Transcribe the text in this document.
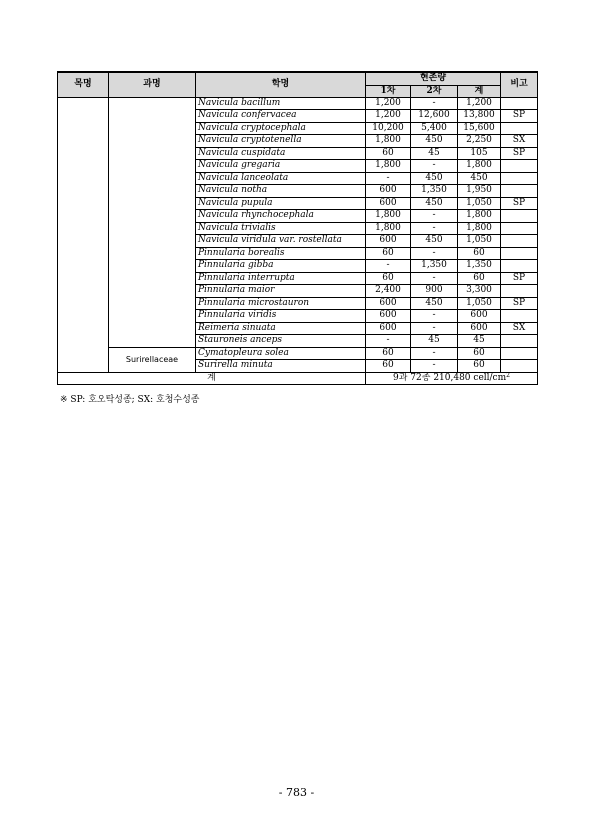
목명	과명	학명	현존량			비고
			1차	2차	계	
		Navicula bacillum	1,200	-	1,200	
		Navicula confervacea	1,200	12,600	13,800	SP
		Navicula cryptocephala	10,200	5,400	15,600	
		Navicula cryptotenella	1,800	450	2,250	SX
		Navicula cuspidata	60	45	105	SP
		Navicula gregaria	1,800	-	1,800	
		Navicula lanceolata	-	450	450	
		Navicula notha	600	1,350	1,950	
		Navicula pupula	600	450	1,050	SP
		Navicula rhynchocephala	1,800	-	1,800	
		Navicula trivialis	1,800	-	1,800	
		Navicula viridula var. rostellata	600	450	1,050	
		Pinnularia borealis	60	-	60	
		Pinnularia gibba	-	1,350	1,350	
		Pinnularia interrupta	60	-	60	SP
		Pinnularia maior	2,400	900	3,300	
		Pinnularia microstauron	600	450	1,050	SP
		Pinnularia viridis	600	-	600	
		Reimeria sinuata	600	-	600	SX
		Stauroneis anceps	-	45	45	
	Surirellaceae	Cymatopleura solea	60	-	60	
		Surirella minuta	60	-	60	
계			9과 72종 210,480 cell/$cm^2$
※ SP: 호오탁성종; SX: 호청수성종
- 783 -
